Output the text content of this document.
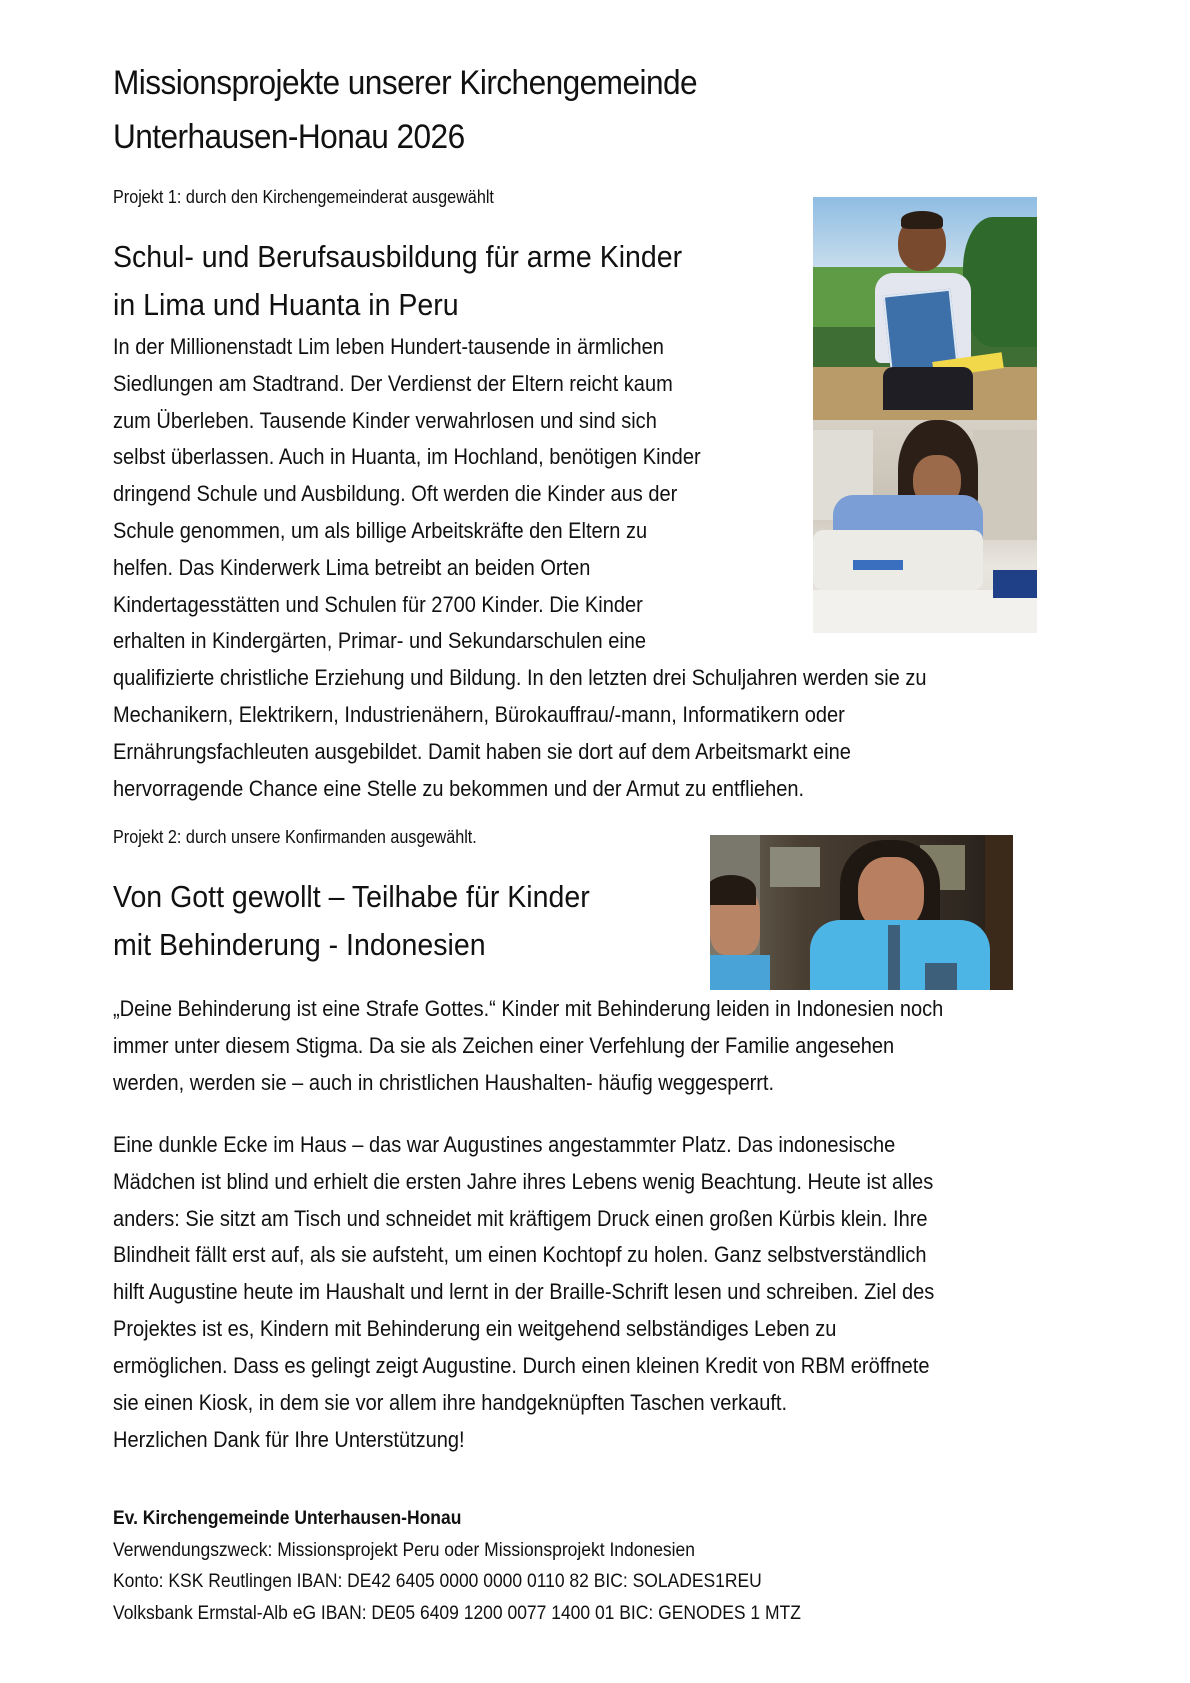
Missionsprojekte unserer Kirchengemeinde
Unterhausen-Honau 2026
Projekt 1: durch den Kirchengemeinderat ausgewählt
Schul- und Berufsausbildung für arme Kinder
in Lima und Huanta in Peru
In der Millionenstadt Lim leben Hundert-tausende in ärmlichen
Siedlungen am Stadtrand. Der Verdienst der Eltern reicht kaum
zum Überleben. Tausende Kinder verwahrlosen und sind sich
selbst überlassen. Auch in Huanta, im Hochland, benötigen Kinder
dringend Schule und Ausbildung. Oft werden die Kinder aus der
Schule genommen, um als billige Arbeitskräfte den Eltern zu
helfen. Das Kinderwerk Lima betreibt an beiden Orten
Kindertagesstätten und Schulen für 2700 Kinder. Die Kinder
erhalten in Kindergärten, Primar- und Sekundarschulen eine
qualifizierte christliche Erziehung und Bildung. In den letzten drei Schuljahren werden sie zu
Mechanikern, Elektrikern, Industrienähern, Bürokauffrau/-mann, Informatikern oder
Ernährungsfachleuten ausgebildet. Damit haben sie dort auf dem Arbeitsmarkt eine
hervorragende Chance eine Stelle zu bekommen und der Armut zu entfliehen.
Projekt 2: durch unsere Konfirmanden ausgewählt.
Von Gott gewollt – Teilhabe für Kinder
mit Behinderung - Indonesien
„Deine Behinderung ist eine Strafe Gottes.“ Kinder mit Behinderung leiden in Indonesien noch
immer unter diesem Stigma. Da sie als Zeichen einer Verfehlung der Familie angesehen
werden, werden sie – auch in christlichen Haushalten- häufig weggesperrt.
Eine dunkle Ecke im Haus – das war Augustines angestammter Platz. Das indonesische
Mädchen ist blind und erhielt die ersten Jahre ihres Lebens wenig Beachtung. Heute ist alles
anders: Sie sitzt am Tisch und schneidet mit kräftigem Druck einen großen Kürbis klein. Ihre
Blindheit fällt erst auf, als sie aufsteht, um einen Kochtopf zu holen. Ganz selbstverständlich
hilft Augustine heute im Haushalt und lernt in der Braille-Schrift lesen und schreiben. Ziel des
Projektes ist es, Kindern mit Behinderung ein weitgehend selbständiges Leben zu
ermöglichen. Dass es gelingt zeigt Augustine. Durch einen kleinen Kredit von RBM eröffnete
sie einen Kiosk, in dem sie vor allem ihre handgeknüpften Taschen verkauft.
Herzlichen Dank für Ihre Unterstützung!
Ev. Kirchengemeinde Unterhausen-Honau
Verwendungszweck: Missionsprojekt Peru oder Missionsprojekt Indonesien
Konto: KSK Reutlingen IBAN: DE42 6405 0000 0000 0110 82 BIC: SOLADES1REU
Volksbank Ermstal-Alb eG IBAN: DE05 6409 1200 0077 1400 01 BIC: GENODES 1 MTZ
